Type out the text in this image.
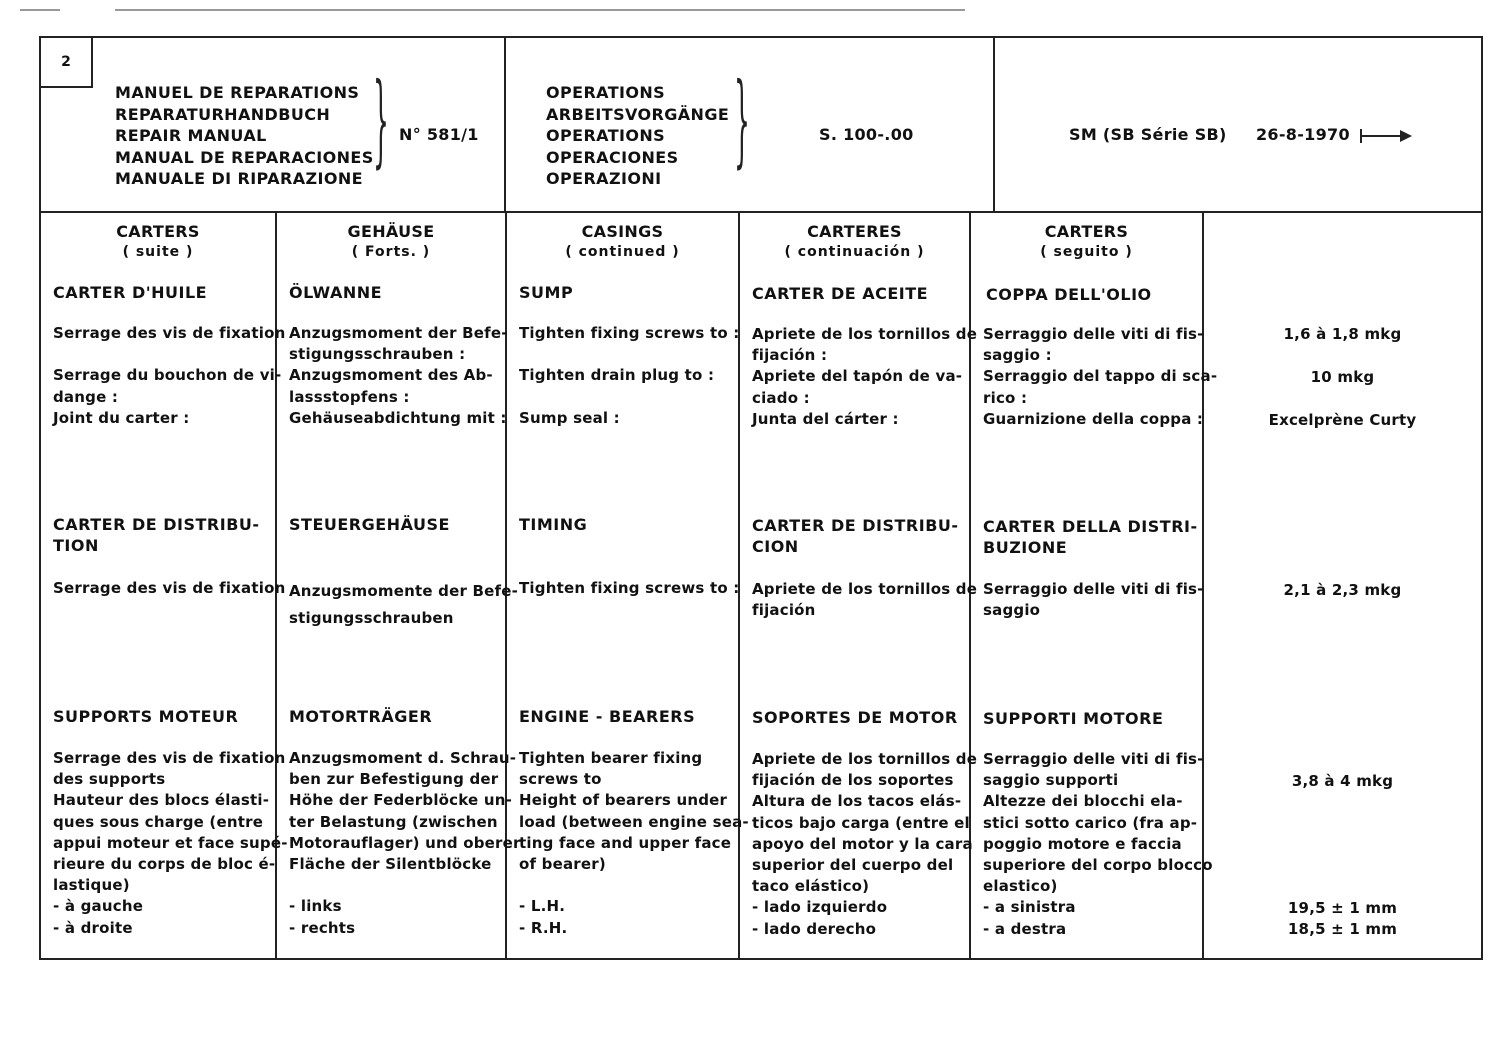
2
MANUEL DE REPARATIONS
REPARATURHANDBUCH
REPAIR MANUAL
MANUAL DE REPARACIONES
MANUALE DI RIPARAZIONE
} N° 581/1
OPERATIONS
ARBEITSVORGÄNGE
OPERATIONS
OPERACIONES
OPERAZIONI
}	S. 100-.00	SM (SB Série SB) 26-8-1970
CARTERS
( suite )
CARTER D'HUILE
Serrage des vis de fixation
Serrage du bouchon de vi-
dange :
Joint du carter :
CARTER DE DISTRIBU-
TION
Serrage des vis de fixation
SUPPORTS MOTEUR
Serrage des vis de fixation
des supports
Hauteur des blocs élasti-
ques sous charge (entre
appui moteur et face supé-
rieure du corps de bloc é-
lastique)
- à gauche
- à droite
GEHÄUSE
( Forts. )
ÖLWANNE
Anzugsmoment der Befe-
stigungsschrauben :
Anzugsmoment des Ab-
lassstopfens :
Gehäuseabdichtung mit :
STEUERGEHÄUSE
Anzugsmomente der Befe-
stigungsschrauben
MOTORTRÄGER
Anzugsmoment d. Schrau-
ben zur Befestigung der
Höhe der Federblöcke un-
ter Belastung (zwischen
Motorauflager) und oberer
Fläche der Silentblöcke
- links
- rechts
CASINGS
( continued )
SUMP
Tighten fixing screws to :
Tighten drain plug to :
Sump seal :
TIMING
Tighten fixing screws to :
ENGINE - BEARERS
Tighten bearer fixing
screws to
Height of bearers under
load (between engine sea-
ting face and upper face
of bearer)
- L.H.
- R.H.
CARTERES
( continuación )
CARTER DE ACEITE
Apriete de los tornillos de
fijación :
Apriete del tapón de va-
ciado :
Junta del cárter :
CARTER DE DISTRIBU-
CION
Apriete de los tornillos de
fijación
SOPORTES DE MOTOR
Apriete de los tornillos de
fijación de los soportes
Altura de los tacos elás-
ticos bajo carga (entre el
apoyo del motor y la cara
superior del cuerpo del
taco elástico)
- lado izquierdo
- lado derecho
CARTERS
( seguito )
COPPA DELL'OLIO
Serraggio delle viti di fis-
saggio :
Serraggio del tappo di sca-
rico :
Guarnizione della coppa :
CARTER DELLA DISTRI-
BUZIONE
Serraggio delle viti di fis-
saggio
SUPPORTI MOTORE
Serraggio delle viti di fis-
saggio supporti
Altezze dei blocchi ela-
stici sotto carico (fra ap-
poggio motore e faccia
superiore del corpo blocco
elastico)
- a sinistra
- a destra
1,6 à 1,8 mkg
10 mkg
Excelprène Curty
2,1 à 2,3 mkg
3,8 à 4 mkg
19,5 ± 1 mm
18,5 ± 1 mm
